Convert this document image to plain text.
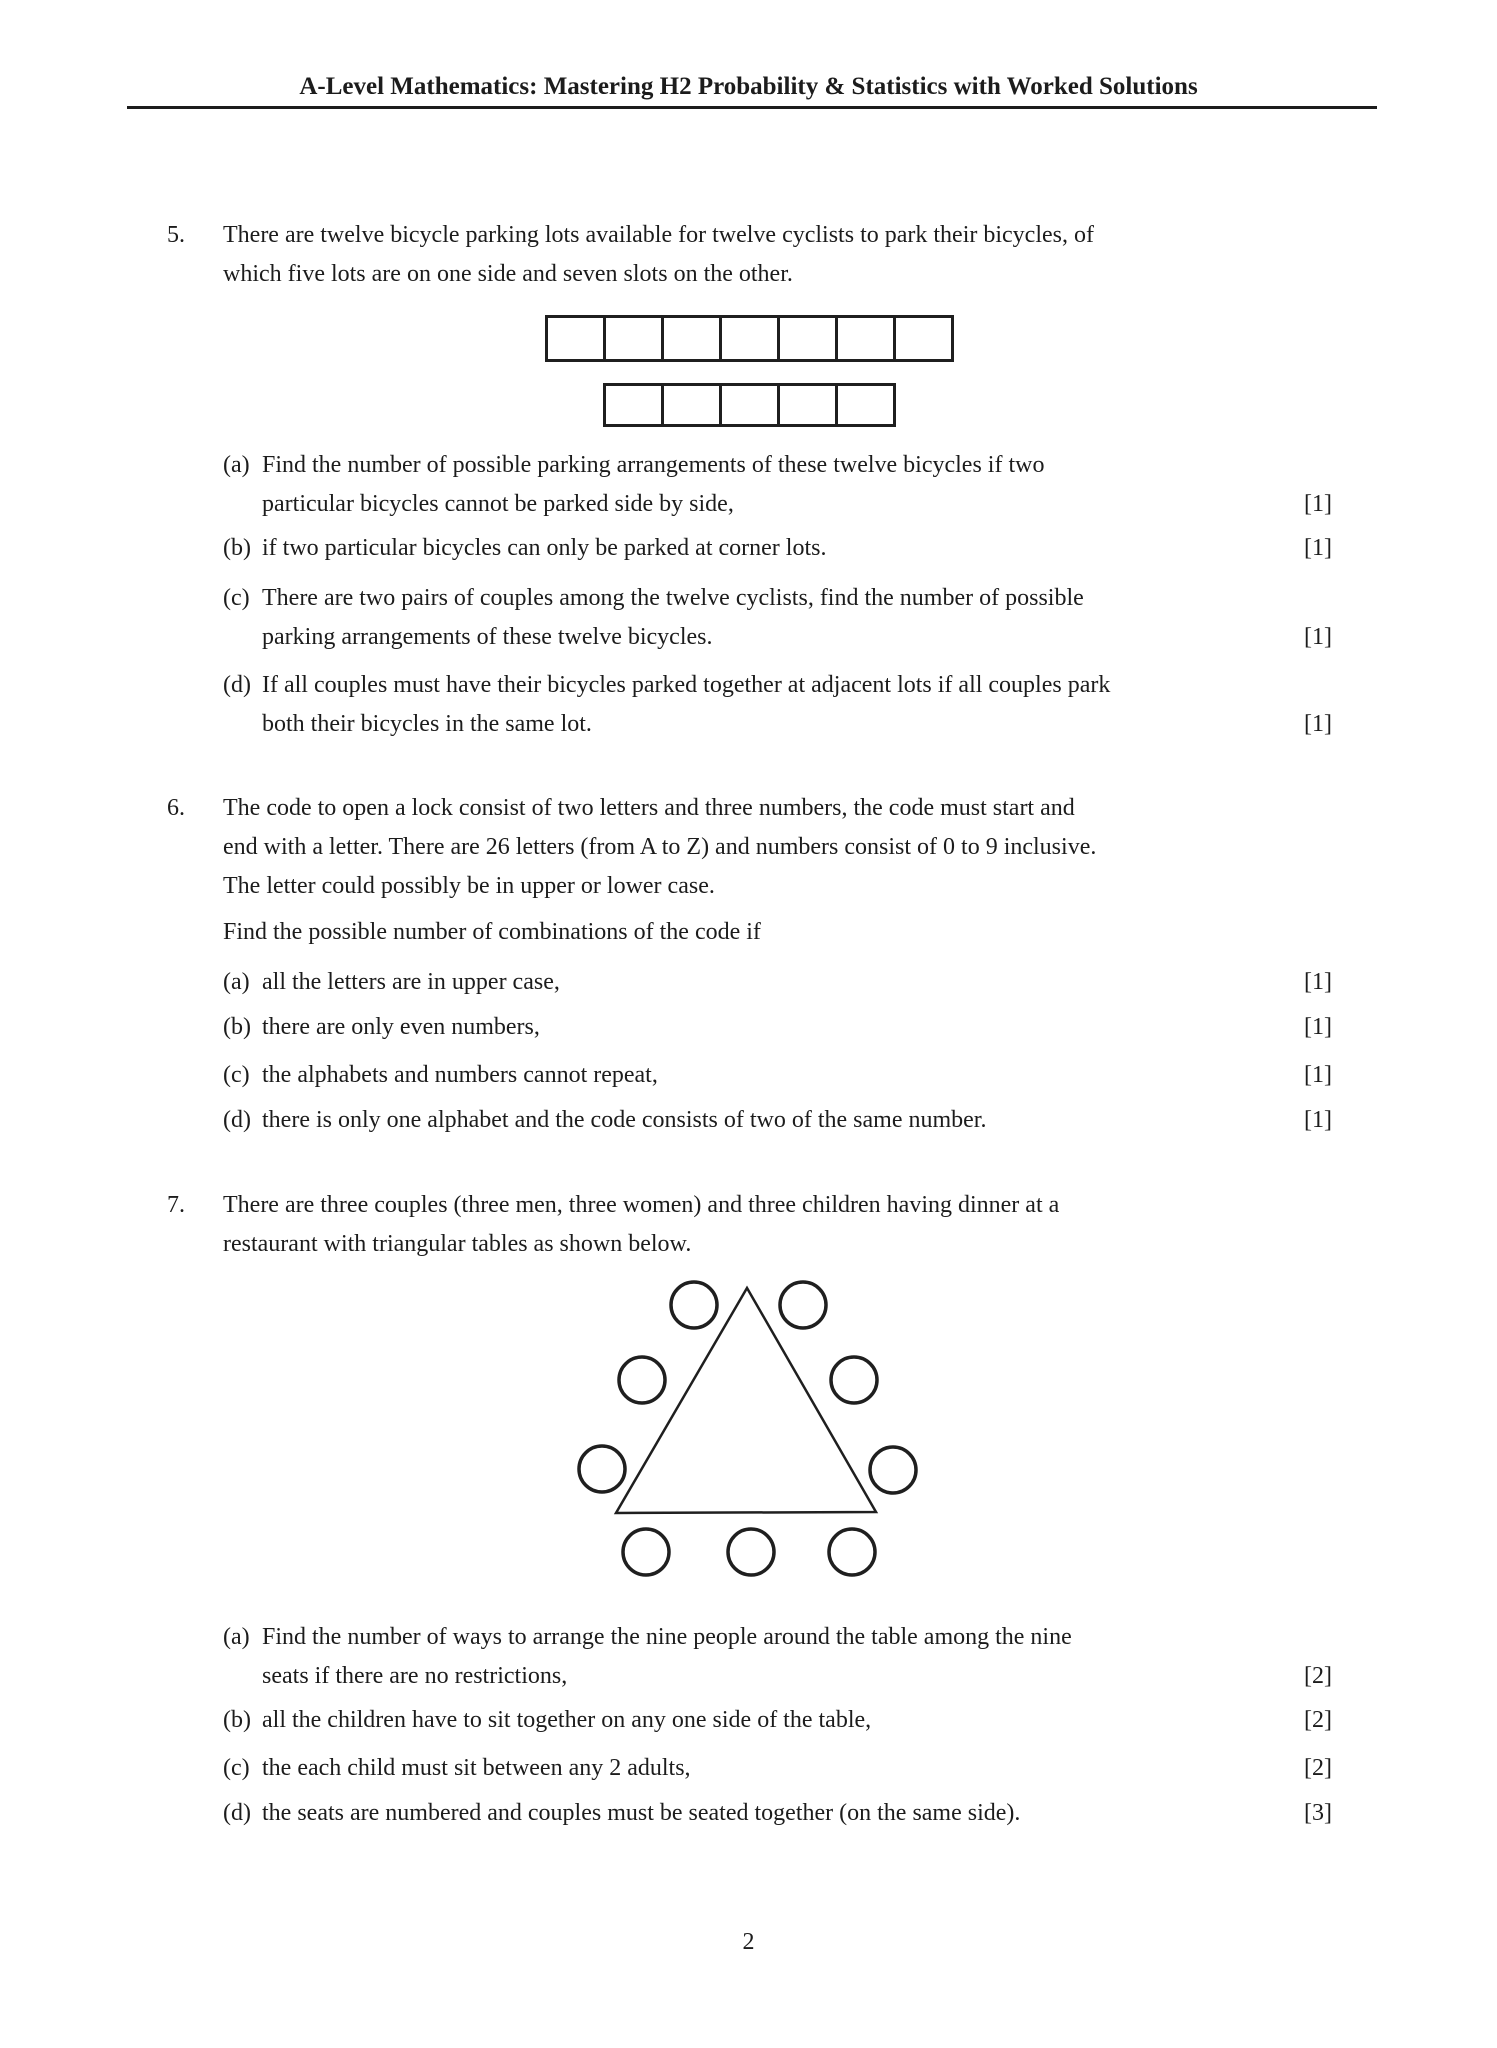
A-Level Mathematics: Mastering H2 Probability & Statistics with Worked Solutions
5.	There are twelve bicycle parking lots available for twelve cyclists to park their bicycles, of
which five lots are on one side and seven slots on the other.
(a) Find the number of possible parking arrangements of these twelve bicycles if two
particular bicycles cannot be parked side by side,	[1]
(b) if two particular bicycles can only be parked at corner lots.	[1]
(c) There are two pairs of couples among the twelve cyclists, find the number of possible
parking arrangements of these twelve bicycles.	[1]
(d) If all couples must have their bicycles parked together at adjacent lots if all couples park
both their bicycles in the same lot.	[1]
6.	The code to open a lock consist of two letters and three numbers, the code must start and
end with a letter. There are 26 letters (from A to Z) and numbers consist of 0 to 9 inclusive.
The letter could possibly be in upper or lower case.
Find the possible number of combinations of the code if
(a) all the letters are in upper case,	[1]
(b) there are only even numbers,	[1]
(c) the alphabets and numbers cannot repeat,	[1]
(d) there is only one alphabet and the code consists of two of the same number.	[1]
7.	There are three couples (three men, three women) and three children having dinner at a
restaurant with triangular tables as shown below.
(a) Find the number of ways to arrange the nine people around the table among the nine
seats if there are no restrictions,	[2]
(b) all the children have to sit together on any one side of the table,	[2]
(c) the each child must sit between any 2 adults,	[2]
(d) the seats are numbered and couples must be seated together (on the same side).	[3]
2
